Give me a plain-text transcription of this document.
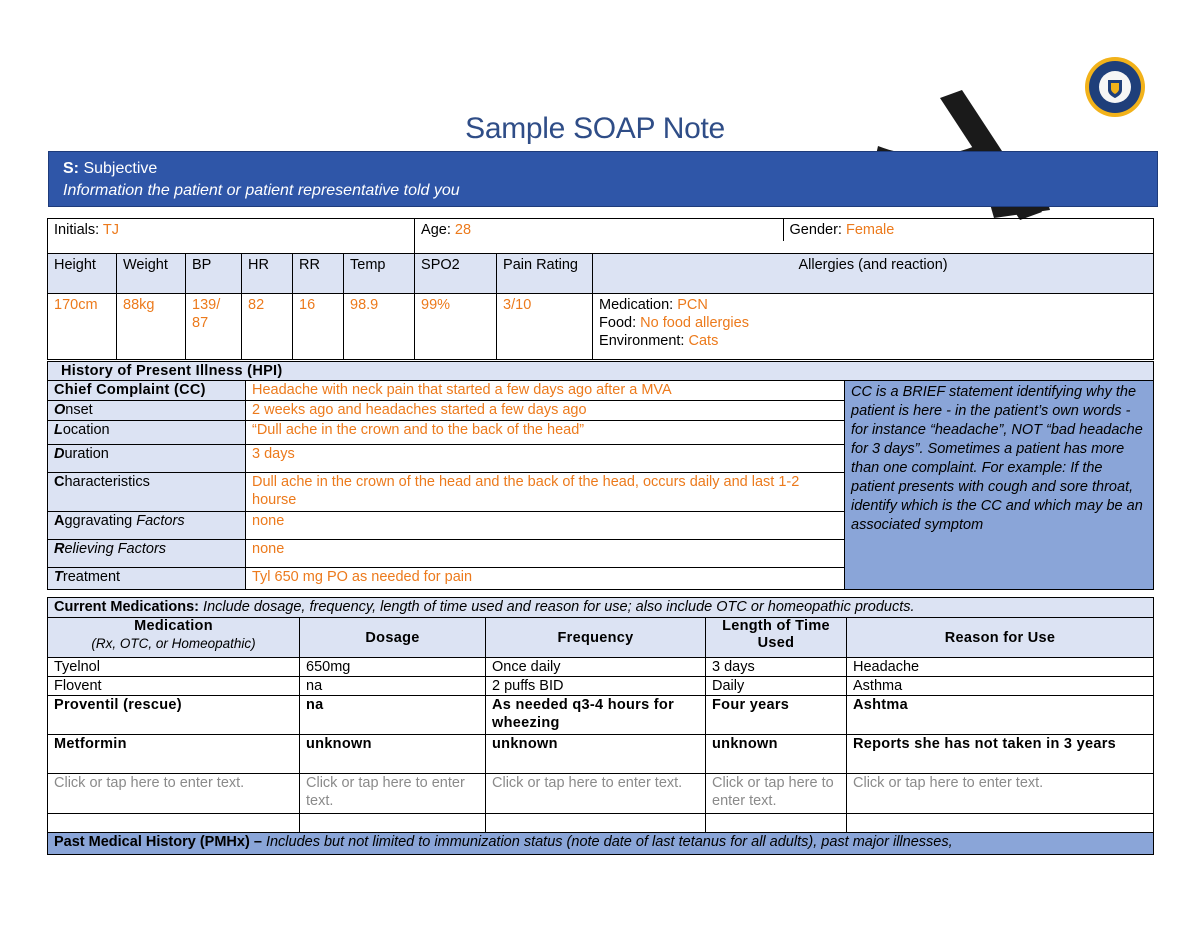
Sample SOAP Note
S: Subjective
Information the patient or patient representative told you
Initials: TJ		Age: 28	Gender: Female

Height	Weight	BP	HR	RR	Temp	SPO2	Pain Rating	Allergies (and reaction)
170cm	88kg	139/ 87	82	16	98.9	99%	3/10	Medication: PCN
Food: No food allergies
Environment: Cats
History of Present Illness (HPI)		
Chief Complaint (CC)	Headache with neck pain that started a few days ago after a MVA	CC is a BRIEF statement identifying why the patient is here - in the patient’s own words - for instance “headache”, NOT “bad headache for 3 days”. Sometimes a patient has more than one complaint. For example: If the patient presents with cough and sore throat, identify which is the CC and which may be an associated symptom
Onset	2 weeks ago and headaches started a few days ago	
Location	“Dull ache in the crown and to the back of the head”	
Duration	3 days	
Characteristics	Dull ache in the crown of the head and the back of the head, occurs daily and last 1-2 hourse	
Aggravating Factors	none	
Relieving Factors	none	
Treatment	Tyl 650 mg PO as needed for pain	
Current Medications: Include dosage, frequency, length of time used and reason for use; also include OTC or homeopathic products.				

Medication
(Rx, OTC, or Homeopathic)	Dosage	Frequency	Length of Time Used	Reason for Use
Tyelnol	650mg	Once daily	3 days	Headache
Flovent	na	2 puffs BID	Daily	Asthma
Proventil (rescue)	na	As needed q3-4 hours for wheezing	Four years	Ashtma
Metformin	unknown	unknown	unknown	Reports she has not taken in 3 years
Click or tap here to enter text.	Click or tap here to enter text.	Click or tap here to enter text.	Click or tap here to enter text.	Click or tap here to enter text.

Past Medical History (PMHx) – Includes but not limited to immunization status (note date of last tetanus for all adults), past major illnesses,				
